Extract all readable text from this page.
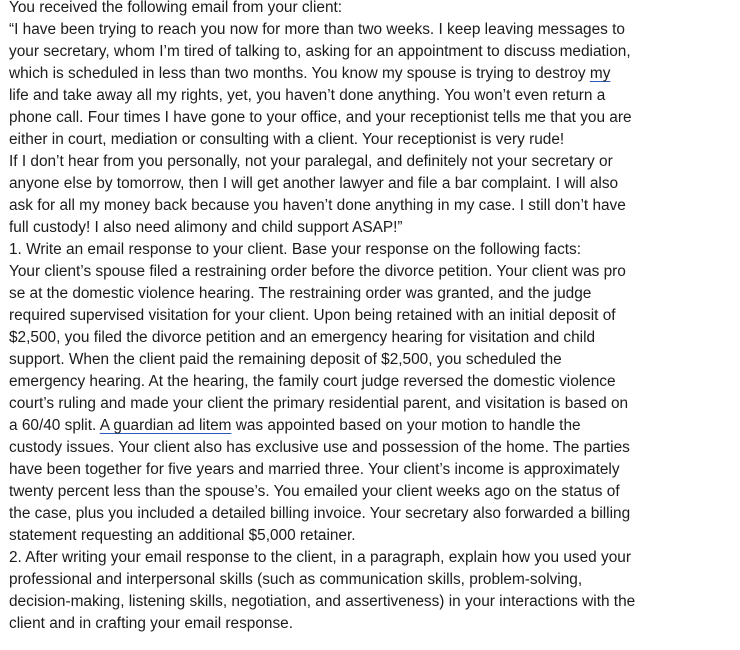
You received the following email from your client:
“I have been trying to reach you now for more than two weeks. I keep leaving messages to
your secretary, whom I’m tired of talking to, asking for an appointment to discuss mediation,
which is scheduled in less than two months. You know my spouse is trying to destroy my
life and take away all my rights, yet, you haven’t done anything. You won’t even return a
phone call. Four times I have gone to your office, and your receptionist tells me that you are
either in court, mediation or consulting with a client. Your receptionist is very rude!
If I don’t hear from you personally, not your paralegal, and definitely not your secretary or
anyone else by tomorrow, then I will get another lawyer and file a bar complaint. I will also
ask for all my money back because you haven’t done anything in my case. I still don’t have
full custody! I also need alimony and child support ASAP!”
1. Write an email response to your client. Base your response on the following facts:
Your client’s spouse filed a restraining order before the divorce petition. Your client was pro
se at the domestic violence hearing. The restraining order was granted, and the judge
required supervised visitation for your client. Upon being retained with an initial deposit of
$2,500, you filed the divorce petition and an emergency hearing for visitation and child
support. When the client paid the remaining deposit of $2,500, you scheduled the
emergency hearing. At the hearing, the family court judge reversed the domestic violence
court’s ruling and made your client the primary residential parent, and visitation is based on
a 60/40 split. A guardian ad litem was appointed based on your motion to handle the
custody issues. Your client also has exclusive use and possession of the home. The parties
have been together for five years and married three. Your client’s income is approximately
twenty percent less than the spouse’s. You emailed your client weeks ago on the status of
the case, plus you included a detailed billing invoice. Your secretary also forwarded a billing
statement requesting an additional $5,000 retainer.
2. After writing your email response to the client, in a paragraph, explain how you used your
professional and interpersonal skills (such as communication skills, problem-solving,
decision-making, listening skills, negotiation, and assertiveness) in your interactions with the
client and in crafting your email response.
